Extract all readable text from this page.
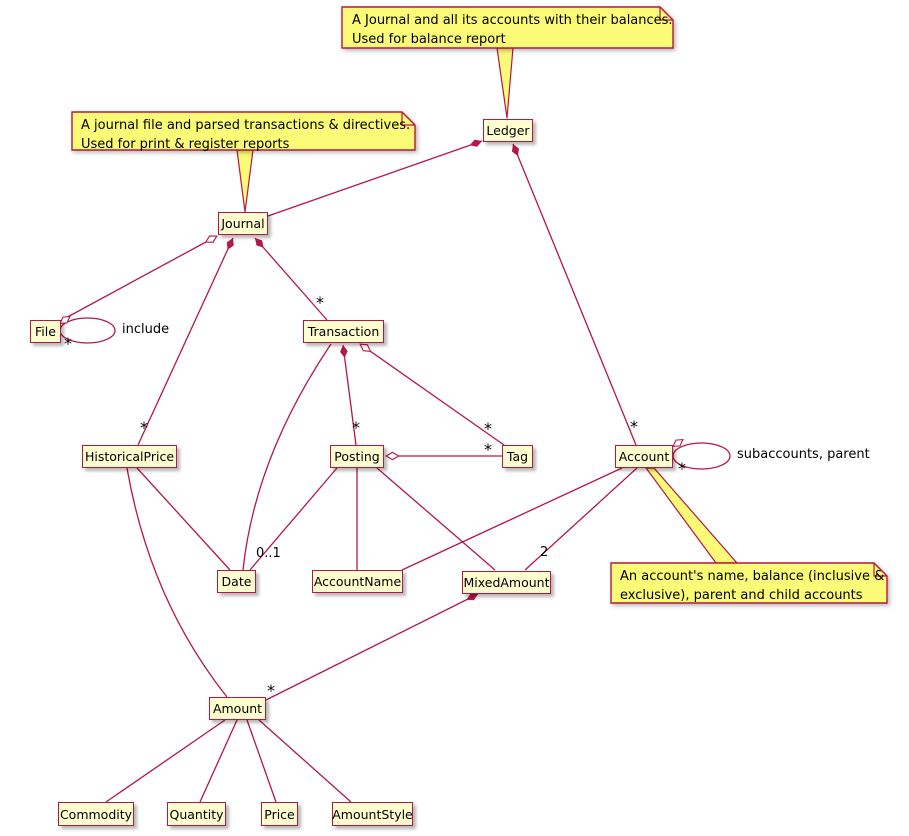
A Journal and all its accounts with their balances.
Used for balance report
A journal file and parsed transactions & directives.
Used for print & register reports
An account's name, balance (inclusive &
exclusive), parent and child accounts
Ledger
Journal
File	Transaction
HistoricalPrice	Posting	Tag	Account
Date	AccountName	MixedAmount
Amount
Commodity	Quantity	Price	AmountStyle
*
*	*
*	*
*
0..1	2
*
*
*
include
subaccounts, parent
